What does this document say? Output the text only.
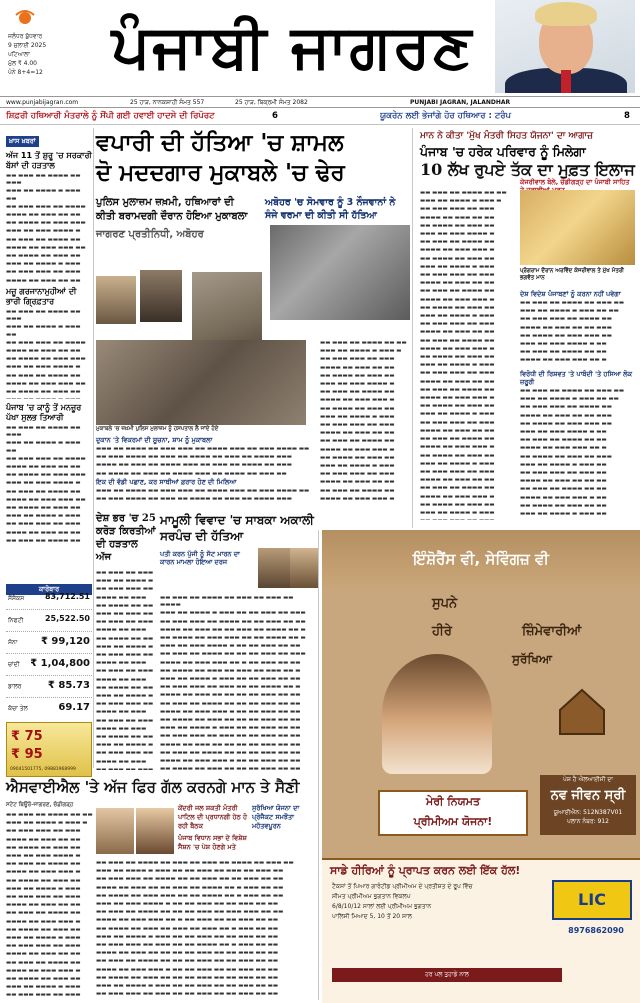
ਜਲੰਧਰ ਬੁੱਧਵਾਰ
9 ਜੁਲਾਈ 2025
ਪਟਿਆਲਾ
ਮੁੱਲ ₹ 4.00
ਪੰਨੇ 8+4=12	ਪੰਜਾਬੀ ਜਾਗਰਣ
www.punjabijagran.com	25 ਹਾੜ, ਨਾਨਕਸ਼ਾਹੀ ਸੰਮਤ 557	25 ਹਾੜ, ਬਿਕ੍ਰਮੀ ਸੰਮਤ 2082	PUNJABI JAGRAN, JALANDHAR
ਸ਼ਿਫ਼ਰੀ ਹਥਿਆਰੀ ਮੰਤਰਾਲੇ ਨੂੰ ਸੌਂਪੀ ਗਈ ਹਵਾਈ ਹਾਦਸੇ ਦੀ ਰਿਪੋਰਟ	6	ਯੂਕਰੇਨ ਲਈ ਭੇਜਾਂਗੇ ਹੋਰ ਹਥਿਆਰ : ਟਰੰਪ	8
ਖ਼ਾਸ ਖ਼ਬਰਾਂ
ਅੱਜ 11 ਤੋਂ ਸ਼ੁਰੂ 'ਚ ਸਰਕਾਰੀ ਬੱਸਾਂ ਦੀ ਹੜਤਾਲ

▬▬ ▬▬▬ ▬▬ ▬▬▬▬ ▬▬ ▬▬▬

▬▬▬ ▬▬ ▬▬▬▬ ▬ ▬▬▬ ▬▬

▬▬ ▬▬▬ ▬▬▬ ▬▬ ▬▬▬▬

▬▬▬▬ ▬▬ ▬▬▬ ▬▬ ▬▬

▬▬ ▬▬▬▬ ▬▬ ▬▬▬ ▬▬▬

▬▬▬ ▬▬ ▬▬▬ ▬▬▬▬ ▬

▬▬ ▬▬▬ ▬▬ ▬▬▬▬ ▬▬

▬▬▬▬ ▬▬ ▬▬▬ ▬▬▬ ▬▬

▬▬ ▬▬▬▬ ▬▬ ▬▬▬ ▬▬

▬▬▬ ▬▬ ▬▬▬▬ ▬ ▬▬▬

▬▬ ▬▬▬ ▬▬▬ ▬▬ ▬▬▬

▬▬▬▬ ▬▬ ▬▬▬ ▬▬ ▬▬

ਮਜ਼ੂ ਗਰਜਾਨਾਮੁਹੀਆਂ ਦੀ ਭਾਰੀ ਗ੍ਰਿਫ਼ਤਾਰ

▬▬ ▬▬▬ ▬▬ ▬▬▬▬ ▬▬ ▬▬▬

▬▬▬ ▬▬ ▬▬▬▬ ▬ ▬▬▬ ▬▬

▬▬ ▬▬▬ ▬▬▬ ▬▬ ▬▬▬▬

▬▬▬▬ ▬▬ ▬▬▬ ▬▬ ▬▬

▬▬ ▬▬▬▬ ▬▬ ▬▬▬ ▬▬▬

▬▬▬ ▬▬ ▬▬▬ ▬▬▬▬ ▬

▬▬ ▬▬▬ ▬▬ ▬▬▬▬ ▬▬

▬▬▬▬ ▬▬ ▬▬▬ ▬▬▬ ▬▬

▬▬ ▬▬▬▬ ▬▬ ▬▬▬ ▬▬

ਪੰਜਾਬ 'ਚ ਕਾਨੂੰ ਤੋਂ ਮਨਜ਼ੂਰ ਪੱਖਾ ਸੁਲਭ ਤਿਆਰੀ

▬▬ ▬▬▬ ▬▬ ▬▬▬▬ ▬▬ ▬▬▬

▬▬▬ ▬▬ ▬▬▬▬ ▬ ▬▬▬ ▬▬

▬▬ ▬▬▬ ▬▬▬ ▬▬ ▬▬▬▬

▬▬▬▬ ▬▬ ▬▬▬ ▬▬ ▬▬

▬▬ ▬▬▬▬ ▬▬ ▬▬▬ ▬▬▬

▬▬▬ ▬▬ ▬▬▬ ▬▬▬▬ ▬

▬▬ ▬▬▬ ▬▬ ▬▬▬▬ ▬▬

▬▬▬▬ ▬▬ ▬▬▬ ▬▬▬ ▬▬

▬▬ ▬▬▬▬ ▬▬ ▬▬▬ ▬▬

▬▬▬ ▬▬ ▬▬▬▬ ▬ ▬▬▬

▬▬ ▬▬▬ ▬▬▬ ▬▬ ▬▬▬

▬▬▬▬ ▬▬ ▬▬▬ ▬▬ ▬▬

▬▬ ▬▬▬ ▬▬ ▬▬▬▬ ▬▬

ਕਾਰੋਬਾਰ
ਸੈਂਸੈਕਸ	83,712.51
ਨਿਫਟੀ	25,522.50
ਸੋਨਾ ₹ 99,120
ਚਾਂਦੀ ₹ 1,04,800
ਡਾਲਰ	₹ 85.73
ਕੱਚਾ ਤੇਲ	69.17
₹ 75
₹ 95
09041501775, 09881968999
ਵਪਾਰੀ ਦੀ ਹੱਤਿਆ 'ਚ ਸ਼ਾਮਲ
ਦੋ ਮਦਦਗਾਰ ਮੁਕਾਬਲੇ 'ਚ ਢੇਰ
ਪੁਲਿਸ ਮੁਲਾਜ਼ਮ ਜ਼ਖ਼ਮੀ, ਹਥਿਆਰਾਂ ਦੀ ਕੀਤੀ ਬਰਾਮਦਗੀ ਦੌਰਾਨ ਹੋਇਆ ਮੁਕਾਬਲਾ
ਜਾਗਰਣ ਪ੍ਰਤੀਨਿਧੀ, ਅਬੋਹਰ
ਅਬੋਹਰ 'ਚ ਸੋਮਵਾਰ ਨੂੰ 3 ਨੌਜਵਾਨਾਂ ਨੇ ਸੰਜੇ ਵਰਮਾ ਦੀ ਕੀਤੀ ਸੀ ਹੱਤਿਆ
ਮੁਕਾਬਲੇ 'ਚ ਜ਼ਖ਼ਮੀ ਪੁਲਿਸ ਮੁਲਾਜ਼ਮ ਨੂੰ ਹਸਪਤਾਲ ਲੈ ਜਾਂਦੇ ਹੋਏ
ਦੁਕਾਨ 'ਤੇ ਵਿਕਰਮਾਂ ਦੀ ਸੂਚਨਾ, ਸ਼ਾਮ ਨੂੰ ਮੁਕਾਬਲਾ

▬▬▬ ▬▬ ▬▬▬▬ ▬▬ ▬▬▬ ▬▬▬ ▬▬ ▬▬▬▬ ▬▬▬ ▬▬ ▬▬▬ ▬▬▬▬ ▬▬

▬▬ ▬▬▬ ▬▬▬▬ ▬▬ ▬▬▬ ▬▬ ▬▬▬▬ ▬▬ ▬▬▬ ▬▬ ▬▬▬▬ ▬▬▬

▬▬▬▬ ▬▬ ▬▬▬ ▬▬ ▬▬▬▬ ▬▬▬ ▬▬ ▬▬▬ ▬▬ ▬▬▬▬ ▬▬ ▬▬▬

▬▬ ▬▬▬▬ ▬▬ ▬▬▬ ▬▬ ▬▬▬▬ ▬▬▬ ▬▬ ▬▬▬▬ ▬▬ ▬▬▬ ▬▬

ਇਕ ਦੀ ਵੱਡੀ ਪਛਾਣ, ਕਰ ਸਾਥੀਆਂ ਫ਼ਰਾਰ ਹੋਣ ਦੀ ਮਿਲਿਆ

▬▬▬ ▬▬ ▬▬▬▬ ▬▬ ▬▬▬ ▬▬▬ ▬▬ ▬▬▬▬ ▬▬▬ ▬▬ ▬▬▬ ▬▬▬▬ ▬▬

▬▬ ▬▬▬ ▬▬▬▬ ▬▬ ▬▬▬ ▬▬ ▬▬▬▬ ▬▬ ▬▬▬ ▬▬ ▬▬▬▬ ▬▬▬

▬▬ ▬▬▬ ▬▬ ▬▬▬▬ ▬▬ ▬▬

▬▬▬ ▬▬ ▬▬▬▬ ▬ ▬▬▬ ▬

▬▬ ▬▬▬ ▬▬▬ ▬▬ ▬▬▬

▬▬▬▬ ▬▬ ▬▬▬ ▬▬ ▬▬

▬▬ ▬▬▬▬ ▬▬ ▬▬▬ ▬▬

▬▬▬ ▬▬ ▬▬▬ ▬▬▬▬ ▬

▬▬ ▬▬▬ ▬▬ ▬▬▬▬ ▬▬

▬▬▬▬ ▬▬ ▬▬▬ ▬▬▬ ▬

▬▬ ▬▬▬▬ ▬▬ ▬▬▬ ▬▬

▬▬▬ ▬▬ ▬▬▬▬ ▬ ▬▬▬

▬▬ ▬▬▬ ▬▬▬ ▬▬ ▬▬▬

▬▬▬▬ ▬▬ ▬▬▬ ▬▬ ▬▬

▬▬ ▬▬▬ ▬▬ ▬▬▬▬ ▬▬

▬▬▬▬ ▬▬ ▬▬▬ ▬▬▬ ▬

▬▬ ▬▬▬▬ ▬▬ ▬▬▬ ▬▬

▬▬▬ ▬▬ ▬▬▬▬ ▬ ▬▬▬

▬▬ ▬▬▬ ▬▬▬ ▬▬ ▬▬▬

▬▬▬▬ ▬▬ ▬▬▬ ▬▬ ▬▬

▬▬ ▬▬▬ ▬▬ ▬▬▬▬ ▬▬

▬▬▬▬ ▬▬ ▬▬▬ ▬▬▬ ▬

ਮਾਨ ਨੇ ਕੀਤਾ 'ਮੁੱਖ ਮੰਤਰੀ ਸਿਹਤ ਯੋਜਨਾ' ਦਾ ਆਗਾਜ਼
ਪੰਜਾਬ 'ਚ ਹਰੇਕ ਪਰਿਵਾਰ ਨੂੰ ਮਿਲੇਗਾ
10 ਲੱਖ ਰੁਪਏ ਤੱਕ ਦਾ ਮੁਫ਼ਤ ਇਲਾਜ
ਕੇਜਰੀਵਾਲ ਬੋਲੇ, ਚੰਡੀਗੜ੍ਹ ਦਾ ਪੰਜਾਬੀ ਸਾਹਿਤ
ਪ੍ਰੋਗਰਾਮ ਦੌਰਾਨ ਅਰਵਿੰਦ ਕੇਜਰੀਵਾਲ ਤੇ ਮੁੱਖ ਮੰਤਰੀ ਭਗਵੰਤ ਮਾਨ

▬▬ ▬▬▬ ▬▬ ▬▬▬▬ ▬▬ ▬▬

▬▬▬ ▬▬ ▬▬▬▬ ▬ ▬▬▬ ▬

▬▬ ▬▬▬ ▬▬▬ ▬▬ ▬▬▬

▬▬▬▬ ▬▬ ▬▬▬ ▬▬ ▬▬

▬▬ ▬▬▬▬ ▬▬ ▬▬▬ ▬▬

▬▬▬ ▬▬ ▬▬▬ ▬▬▬▬ ▬

▬▬ ▬▬▬ ▬▬ ▬▬▬▬ ▬▬

▬▬▬▬ ▬▬ ▬▬▬ ▬▬▬ ▬

▬▬ ▬▬▬▬ ▬▬ ▬▬▬ ▬▬

▬▬▬ ▬▬ ▬▬▬▬ ▬ ▬▬▬

▬▬ ▬▬▬ ▬▬▬ ▬▬ ▬▬▬

▬▬▬▬ ▬▬ ▬▬▬ ▬▬ ▬▬

▬▬ ▬▬▬ ▬▬ ▬▬▬▬ ▬▬

▬▬▬▬ ▬▬ ▬▬▬ ▬▬▬ ▬

▬▬ ▬▬▬▬ ▬▬ ▬▬▬ ▬▬

▬▬▬ ▬▬ ▬▬▬▬ ▬ ▬▬▬

▬▬ ▬▬▬ ▬▬▬ ▬▬ ▬▬▬

▬▬▬▬ ▬▬ ▬▬▬ ▬▬ ▬▬

▬▬ ▬▬▬ ▬▬ ▬▬▬▬ ▬▬

▬▬▬▬ ▬▬ ▬▬▬ ▬▬▬ ▬

▬▬ ▬▬▬▬ ▬▬ ▬▬▬ ▬▬

▬▬▬ ▬▬ ▬▬▬▬ ▬ ▬▬▬

▬▬ ▬▬▬ ▬▬▬ ▬▬ ▬▬▬

▬▬▬▬ ▬▬ ▬▬▬ ▬▬ ▬▬

▬▬ ▬▬▬ ▬▬ ▬▬▬▬ ▬▬

▬▬▬▬ ▬▬ ▬▬▬ ▬▬▬ ▬

▬▬ ▬▬▬▬ ▬▬ ▬▬▬ ▬▬

▬▬▬ ▬▬ ▬▬▬▬ ▬ ▬▬▬

▬▬ ▬▬▬ ▬▬▬ ▬▬ ▬▬▬

▬▬▬▬ ▬▬ ▬▬▬ ▬▬ ▬▬

▬▬ ▬▬▬ ▬▬ ▬▬▬▬ ▬▬

▬▬▬▬ ▬▬ ▬▬▬ ▬▬▬ ▬

▬▬ ▬▬▬▬ ▬▬ ▬▬▬ ▬▬

▬▬▬ ▬▬ ▬▬▬▬ ▬ ▬▬▬

▬▬ ▬▬▬ ▬▬▬ ▬▬ ▬▬▬

▬▬▬▬ ▬▬ ▬▬▬ ▬▬ ▬▬

▬▬ ▬▬▬ ▬▬ ▬▬▬▬ ▬▬

▬▬▬▬ ▬▬ ▬▬▬ ▬▬▬ ▬

▬▬ ▬▬▬▬ ▬▬ ▬▬▬ ▬▬

▬▬▬ ▬▬ ▬▬▬▬ ▬ ▬▬▬

ਦੇਸ਼ ਵਿਦੇਸ਼ ਪੰਜਾਬਣਾਂ ਨੂੰ ਕਰਨਾ ਨਹੀਂ ਪਵੇਗਾ

▬▬ ▬▬▬ ▬▬ ▬▬▬▬ ▬▬ ▬▬▬ ▬▬

▬▬▬ ▬▬ ▬▬▬▬ ▬ ▬▬▬ ▬▬ ▬▬

▬▬ ▬▬▬ ▬▬▬ ▬▬ ▬▬▬▬ ▬▬

▬▬▬▬ ▬▬ ▬▬▬ ▬▬ ▬▬ ▬▬▬

▬▬ ▬▬▬▬ ▬▬ ▬▬▬ ▬▬▬ ▬▬

▬▬▬ ▬▬ ▬▬▬ ▬▬▬▬ ▬ ▬▬

▬▬ ▬▬▬ ▬▬ ▬▬▬▬ ▬▬ ▬▬

▬▬▬▬ ▬▬ ▬▬▬ ▬▬▬ ▬▬ ▬

ਵਿਰੋਧੀ ਦੀ ਰਿਸ਼ਵਤ 'ਤੇ ਪਾਬੰਦੀ 'ਤੇ ਹਸਿਆ ਲੋਕ ਜ਼ਰੂਰੀ

▬▬ ▬▬▬ ▬▬ ▬▬▬▬ ▬▬ ▬▬▬ ▬▬

▬▬▬ ▬▬ ▬▬▬▬ ▬ ▬▬▬ ▬▬ ▬▬

▬▬ ▬▬▬ ▬▬▬ ▬▬ ▬▬▬▬ ▬▬

▬▬▬▬ ▬▬ ▬▬▬ ▬▬ ▬▬ ▬▬▬

▬▬ ▬▬▬▬ ▬▬ ▬▬▬ ▬▬▬ ▬▬

▬▬▬ ▬▬ ▬▬▬ ▬▬▬▬ ▬ ▬▬

▬▬ ▬▬▬ ▬▬ ▬▬▬▬ ▬▬ ▬▬

▬▬▬▬ ▬▬ ▬▬▬ ▬▬▬ ▬▬ ▬

▬▬ ▬▬▬▬ ▬▬ ▬▬▬ ▬▬ ▬▬▬

▬▬▬ ▬▬ ▬▬▬▬ ▬ ▬▬▬ ▬▬

▬▬ ▬▬▬ ▬▬▬ ▬▬ ▬▬▬ ▬▬

▬▬▬▬ ▬▬ ▬▬▬ ▬▬ ▬▬ ▬▬

▬▬ ▬▬▬ ▬▬ ▬▬▬▬ ▬▬ ▬▬

▬▬▬▬ ▬▬ ▬▬▬ ▬▬▬ ▬ ▬▬

▬▬ ▬▬▬▬ ▬▬ ▬▬▬ ▬▬ ▬▬

▬▬▬ ▬▬ ▬▬▬▬ ▬ ▬▬▬ ▬▬

ਦੇਸ਼ ਭਰ 'ਚ 25 ਕਰੋੜ ਕਿਰਤੀਆਂ ਦੀ ਹੜਤਾਲ ਅੱਜ

▬▬ ▬▬▬ ▬▬ ▬▬▬

▬▬▬ ▬▬ ▬▬▬▬ ▬

▬▬ ▬▬▬ ▬▬▬ ▬▬

▬▬▬▬ ▬▬ ▬▬▬

▬▬ ▬▬▬▬ ▬▬ ▬▬

▬▬▬ ▬▬ ▬▬▬ ▬▬

▬▬ ▬▬▬ ▬▬ ▬▬▬

▬▬▬▬ ▬▬ ▬▬▬

▬▬ ▬▬▬▬ ▬▬ ▬▬

▬▬▬ ▬▬ ▬▬▬▬ ▬

▬▬ ▬▬▬ ▬▬▬ ▬▬

▬▬▬▬ ▬▬ ▬▬▬

▬▬ ▬▬▬ ▬▬ ▬▬▬

▬▬▬▬ ▬▬ ▬▬▬

▬▬ ▬▬▬▬ ▬▬ ▬▬

▬▬▬ ▬▬ ▬▬▬▬ ▬

▬▬ ▬▬▬ ▬▬▬ ▬▬

▬▬▬▬ ▬▬ ▬▬▬

▬▬ ▬▬▬ ▬▬ ▬▬▬

▬▬▬▬ ▬▬ ▬▬▬

▬▬ ▬▬▬▬ ▬▬ ▬▬

▬▬▬ ▬▬ ▬▬▬▬ ▬

▬▬ ▬▬▬ ▬▬▬ ▬▬

▬▬▬▬ ▬▬ ▬▬▬

▬▬ ▬▬▬ ▬▬ ▬▬▬

ਮਾਮੂਲੀ ਵਿਵਾਦ 'ਚ ਸਾਬਕਾ ਅਕਾਲੀ ਸਰਪੰਚ ਦੀ ਹੱਤਿਆ
ਪਤੀ ਕਰਨ ਪੁੱਜੀ ਨੂੰ ਸੱਟ ਮਾਰਨ ਦਾ ਕਾਰਨ ਮਾਮਲਾ ਹੋਇਆ ਦਰਜ

▬▬ ▬▬▬ ▬▬ ▬▬▬▬ ▬▬ ▬▬▬ ▬▬ ▬▬▬ ▬▬ ▬▬▬▬

▬▬▬ ▬▬ ▬▬▬▬ ▬ ▬▬▬ ▬▬ ▬▬ ▬▬▬ ▬▬ ▬▬▬

▬▬ ▬▬▬ ▬▬▬ ▬▬ ▬▬▬▬ ▬▬ ▬▬ ▬▬▬ ▬▬ ▬▬

▬▬▬▬ ▬▬ ▬▬▬ ▬▬ ▬▬ ▬▬▬ ▬▬ ▬▬▬▬ ▬▬ ▬

▬▬ ▬▬▬▬ ▬▬ ▬▬▬ ▬▬▬ ▬▬ ▬▬ ▬▬▬▬ ▬▬ ▬

▬▬▬ ▬▬ ▬▬▬ ▬▬▬▬ ▬ ▬▬ ▬▬ ▬▬▬ ▬▬ ▬▬

▬▬ ▬▬▬ ▬▬ ▬▬▬▬ ▬▬ ▬▬ ▬▬ ▬▬▬ ▬▬ ▬▬▬

▬▬▬▬ ▬▬ ▬▬▬ ▬▬▬ ▬▬ ▬ ▬▬ ▬▬▬ ▬▬ ▬▬

▬▬ ▬▬▬▬ ▬▬ ▬▬▬ ▬▬ ▬▬▬ ▬▬ ▬▬▬ ▬▬ ▬

▬▬▬ ▬▬ ▬▬▬▬ ▬ ▬▬▬ ▬▬ ▬▬ ▬▬▬ ▬▬ ▬▬

▬▬ ▬▬▬ ▬▬▬ ▬▬ ▬▬▬ ▬▬ ▬▬ ▬▬▬▬ ▬▬ ▬

▬▬▬▬ ▬▬ ▬▬▬ ▬▬ ▬▬ ▬▬ ▬▬ ▬▬▬ ▬▬ ▬▬

▬▬ ▬▬▬ ▬▬ ▬▬▬▬ ▬▬ ▬▬ ▬▬ ▬▬▬ ▬▬ ▬▬

▬▬▬▬ ▬▬ ▬▬▬ ▬▬▬ ▬ ▬▬ ▬▬ ▬▬▬ ▬▬ ▬▬

▬▬ ▬▬▬▬ ▬▬ ▬▬▬ ▬▬ ▬▬ ▬▬ ▬▬▬ ▬▬ ▬▬

▬▬▬ ▬▬ ▬▬▬▬ ▬ ▬▬▬ ▬▬ ▬▬ ▬▬▬ ▬▬ ▬▬

▬▬ ▬▬▬ ▬▬▬ ▬▬ ▬▬▬ ▬▬ ▬▬ ▬▬▬ ▬▬ ▬▬

▬▬▬▬ ▬▬ ▬▬▬ ▬▬ ▬▬ ▬▬ ▬▬ ▬▬▬ ▬▬ ▬▬

▬▬ ▬▬▬ ▬▬ ▬▬▬▬ ▬▬ ▬▬ ▬▬ ▬▬▬ ▬▬ ▬▬

▬▬▬▬ ▬▬ ▬▬▬ ▬▬▬ ▬ ▬▬ ▬▬ ▬▬▬ ▬▬ ▬▬

▬▬ ▬▬▬▬ ▬▬ ▬▬▬ ▬▬ ▬▬ ▬▬ ▬▬▬ ▬▬ ▬▬

ਇੰਸ਼ੋਰੈਂਸ ਵੀ, ਸੇਵਿੰਗਜ਼ ਵੀ
ਸੁਪਨੇ
ਹੀਰੇ	ਜ਼ਿੰਮੇਵਾਰੀਆਂ
ਸੁਰੱਖਿਆ
ਮੇਰੀ ਨਿਯਮਤ
ਪ੍ਰੀਮੀਅਮ ਯੋਜਨਾ!
ਪੇਸ਼ ਹੈ ਐਲਆਈਸੀ ਦਾ
ਨਵ ਜੀਵਨ ਸ੍ਰੀ
ਯੂਆਈਐਨ: 512N387V01
ਪਲਾਨ ਨੰਬਰ: 912
ਸਾਡੇ ਹੀਰਿਆਂ ਨੂੰ ਪ੍ਰਾਪਤ ਕਰਨ ਲਈ ਇੱਕ ਹੱਲ!
ਟੈਕਸਾਂ ਤੋਂ ਪਿਆਰ ਗਾਰੰਟੀਡ ਪ੍ਰੀਮੀਅਮ ਦੇ ਪ੍ਰਤੀਸ਼ਤ ਦੇ ਰੂਪ ਵਿੱਚ
ਸੀਮਤ ਪ੍ਰੀਮੀਅਮ ਭੁਗਤਾਨ ਵਿਕਲਪ
6/8/10/12 ਸਾਲਾਂ ਲਈ ਪ੍ਰੀਮੀਅਮ ਭੁਗਤਾਨ
ਪਾਲਿਸੀ ਮਿਆਦ 5, 10 ਤੋਂ 20 ਸਾਲ
ਹਰ ਪਲ ਤੁਹਾਡੇ ਨਾਲ
LIC
8976862090
ਐਸਵਾਈਐਲ 'ਤੇ ਅੱਜ ਫਿਰ ਗੱਲ ਕਰਨਗੇ ਮਾਨ ਤੇ ਸੈਣੀ
ਸਟੇਟ ਬਿਊਰੋ-ਜਾਗਰਣ, ਚੰਡੀਗੜ੍ਹ

▬▬ ▬▬▬ ▬▬ ▬▬▬▬ ▬▬ ▬▬

▬▬▬ ▬▬ ▬▬▬▬ ▬ ▬▬▬ ▬

▬▬ ▬▬▬ ▬▬▬ ▬▬ ▬▬▬

▬▬▬▬ ▬▬ ▬▬▬ ▬▬ ▬▬

▬▬ ▬▬▬▬ ▬▬ ▬▬▬ ▬▬

▬▬▬ ▬▬ ▬▬▬ ▬▬▬▬ ▬

▬▬ ▬▬▬ ▬▬ ▬▬▬▬ ▬▬

▬▬▬▬ ▬▬ ▬▬▬ ▬▬▬ ▬

▬▬ ▬▬▬▬ ▬▬ ▬▬▬ ▬▬

▬▬▬ ▬▬ ▬▬▬▬ ▬ ▬▬▬

▬▬ ▬▬▬ ▬▬▬ ▬▬ ▬▬▬

▬▬▬▬ ▬▬ ▬▬▬ ▬▬ ▬▬

▬▬ ▬▬▬ ▬▬ ▬▬▬▬ ▬▬

▬▬▬▬ ▬▬ ▬▬▬ ▬▬▬ ▬

▬▬ ▬▬▬▬ ▬▬ ▬▬▬ ▬▬

▬▬▬ ▬▬ ▬▬▬▬ ▬ ▬▬▬

▬▬ ▬▬▬ ▬▬▬ ▬▬ ▬▬▬

▬▬▬▬ ▬▬ ▬▬▬ ▬▬ ▬▬

▬▬ ▬▬▬ ▬▬ ▬▬▬▬ ▬▬

▬▬▬▬ ▬▬ ▬▬▬ ▬▬▬ ▬

▬▬ ▬▬▬▬ ▬▬ ▬▬▬ ▬▬

▬▬▬ ▬▬ ▬▬▬▬ ▬ ▬▬▬

▬▬ ▬▬▬ ▬▬▬ ▬▬ ▬▬▬

ਕੇਂਦਰੀ ਜਲ ਸ਼ਕਤੀ ਮੰਤਰੀ ਪਾਟਿਲ ਦੀ ਪ੍ਰਧਾਨਗੀ ਹੇਠ ਹੋ ਰਹੀ ਬੈਠਕ
ਪੰਜਾਬ ਵਿਧਾਨ ਸਭਾ ਦੇ ਵਿਸ਼ੇਸ਼ ਸੈਸ਼ਨ 'ਚ ਪੇਸ਼ ਹੋਣਗੇ ਮਤੇ
ਸੁਰੱਖਿਆ ਯੋਜਨਾ ਦਾ ਪ੍ਰੋਜੈਕਟ ਸਮਝੌਤਾ ਮਹੱਤਵਪੂਰਨ

▬▬ ▬▬▬ ▬▬ ▬▬▬▬ ▬▬ ▬▬▬ ▬▬ ▬▬▬ ▬▬ ▬▬▬▬ ▬▬ ▬▬▬ ▬▬

▬▬▬ ▬▬ ▬▬▬▬ ▬ ▬▬▬ ▬▬ ▬▬ ▬▬▬ ▬▬ ▬▬▬ ▬▬ ▬▬▬ ▬▬

▬▬ ▬▬▬ ▬▬▬ ▬▬ ▬▬▬▬ ▬▬ ▬▬ ▬▬▬ ▬▬ ▬▬ ▬▬▬ ▬▬ ▬▬

▬▬▬▬ ▬▬ ▬▬▬ ▬▬ ▬▬ ▬▬▬ ▬▬ ▬▬▬▬ ▬▬ ▬ ▬▬▬ ▬▬ ▬▬

▬▬ ▬▬▬▬ ▬▬ ▬▬▬ ▬▬▬ ▬▬ ▬▬ ▬▬▬▬ ▬▬ ▬ ▬▬▬ ▬▬ ▬▬

▬▬▬ ▬▬ ▬▬▬ ▬▬▬▬ ▬ ▬▬ ▬▬ ▬▬▬ ▬▬ ▬▬ ▬▬▬ ▬▬ ▬▬

▬▬ ▬▬▬ ▬▬ ▬▬▬▬ ▬▬ ▬▬ ▬▬ ▬▬▬ ▬▬ ▬▬▬ ▬▬▬ ▬▬ ▬▬

▬▬▬▬ ▬▬ ▬▬▬ ▬▬▬ ▬▬ ▬ ▬▬ ▬▬▬ ▬▬ ▬▬ ▬▬▬ ▬▬ ▬▬

▬▬ ▬▬▬▬ ▬▬ ▬▬▬ ▬▬ ▬▬▬ ▬▬ ▬▬▬ ▬▬ ▬ ▬▬▬ ▬▬ ▬▬

▬▬▬ ▬▬ ▬▬▬▬ ▬ ▬▬▬ ▬▬ ▬▬ ▬▬▬ ▬▬ ▬▬ ▬▬▬ ▬▬ ▬▬

▬▬ ▬▬▬ ▬▬▬ ▬▬ ▬▬▬ ▬▬ ▬▬ ▬▬▬▬ ▬▬ ▬ ▬▬▬ ▬▬ ▬▬

▬▬▬▬ ▬▬ ▬▬▬ ▬▬ ▬▬ ▬▬ ▬▬ ▬▬▬ ▬▬ ▬▬ ▬▬▬ ▬▬ ▬▬

▬▬ ▬▬▬ ▬▬ ▬▬▬▬ ▬▬ ▬▬ ▬▬ ▬▬▬ ▬▬ ▬▬ ▬▬▬ ▬▬ ▬▬

▬▬▬▬ ▬▬ ▬▬▬ ▬▬▬ ▬ ▬▬ ▬▬ ▬▬▬ ▬▬ ▬▬ ▬▬▬ ▬▬ ▬▬

▬▬ ▬▬▬▬ ▬▬ ▬▬▬ ▬▬ ▬▬ ▬▬ ▬▬▬ ▬▬ ▬▬ ▬▬▬ ▬▬ ▬▬

▬▬▬ ▬▬ ▬▬▬▬ ▬ ▬▬▬ ▬▬ ▬▬ ▬▬▬ ▬▬ ▬▬ ▬▬▬ ▬▬ ▬▬

▬▬ ▬▬▬ ▬▬▬ ▬▬ ▬▬▬ ▬▬ ▬▬ ▬▬▬ ▬▬ ▬▬ ▬▬▬ ▬▬ ▬▬
